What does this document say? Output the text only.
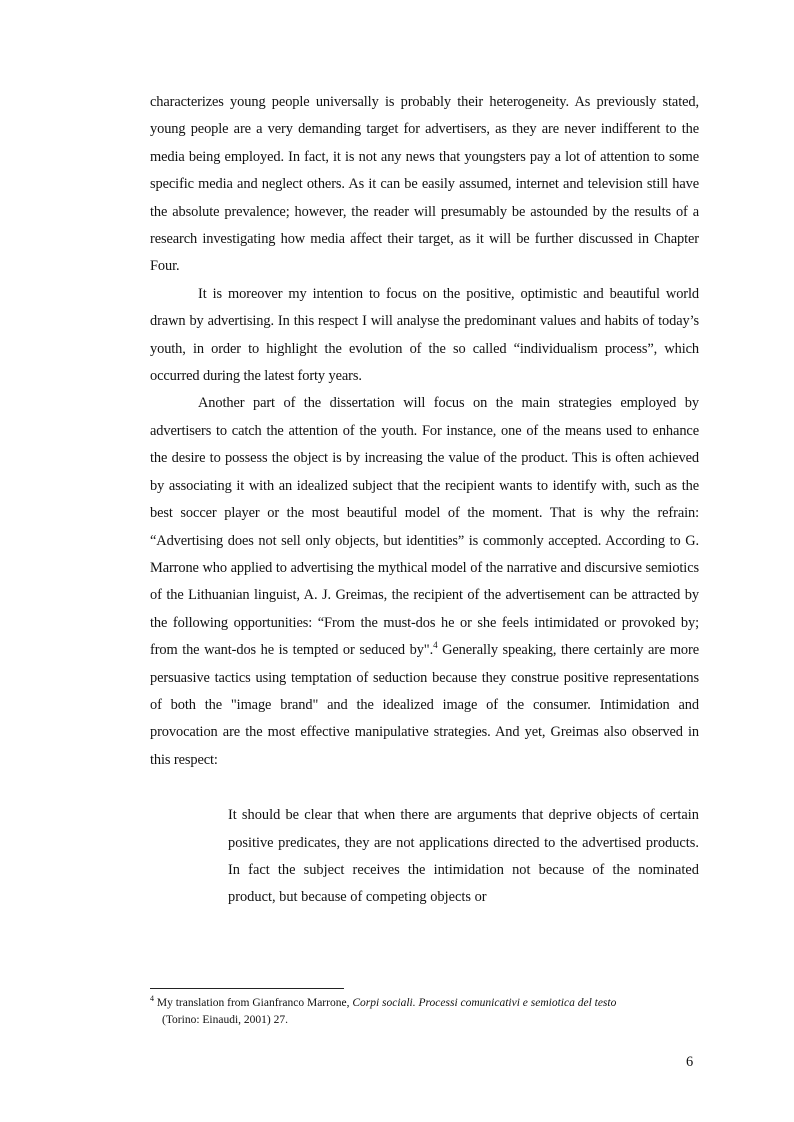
characterizes young people universally is probably their heterogeneity. As previously stated, young people are a very demanding target for advertisers, as they are never indifferent to the media being employed. In fact, it is not any news that youngsters pay a lot of attention to some specific media and neglect others. As it can be easily assumed, internet and television still have the absolute prevalence; however, the reader will presumably be astounded by the results of a research investigating how media affect their target, as it will be further discussed in Chapter Four.

It is moreover my intention to focus on the positive, optimistic and beautiful world drawn by advertising. In this respect I will analyse the predominant values and habits of today’s youth, in order to highlight the evolution of the so called “individualism process”, which occurred during the latest forty years.

Another part of the dissertation will focus on the main strategies employed by advertisers to catch the attention of the youth. For instance, one of the means used to enhance the desire to possess the object is by increasing the value of the product. This is often achieved by associating it with an idealized subject that the recipient wants to identify with, such as the best soccer player or the most beautiful model of the moment. That is why the refrain: “Advertising does not sell only objects, but identities” is commonly accepted. According to G. Marrone who applied to advertising the mythical model of the narrative and discursive semiotics of the Lithuanian linguist, A. J. Greimas, the recipient of the advertisement can be attracted by the following opportunities: “From the must-dos he or she feels intimidated or provoked by; from the want-dos he is tempted or seduced by".$^4$ Generally speaking, there certainly are more persuasive tactics using temptation of seduction because they construe positive representations of both the "image brand" and the idealized image of the consumer. Intimidation and provocation are the most effective manipulative strategies. And yet, Greimas also observed in this respect:

It should be clear that when there are arguments that deprive objects of certain positive predicates, they are not applications directed to the advertised products. In fact the subject receives the intimidation not because of the nominated product, but because of competing objects or

$^4$ My translation from Gianfranco Marrone, Corpi sociali. Processi comunicativi e semiotica del testo
(Torino: Einaudi, 2001) 27.
6
